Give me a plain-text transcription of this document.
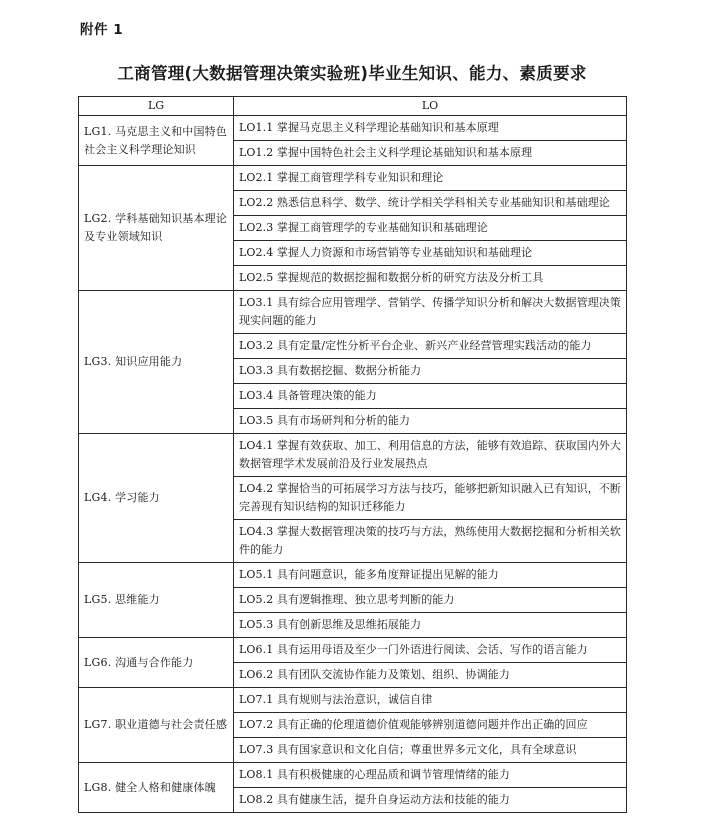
附件 1
工商管理(大数据管理决策实验班)毕业生知识、能力、素质要求
LG	LO
LG1. 马克思主义和中国特色社会主义科学理论知识	LO1.1 掌握马克思主义科学理论基础知识和基本原理
	LO1.2 掌握中国特色社会主义科学理论基础知识和基本原理
LG2. 学科基础知识基本理论及专业领域知识	LO2.1 掌握工商管理学科专业知识和理论
	LO2.2 熟悉信息科学、数学、统计学相关学科相关专业基础知识和基础理论
	LO2.3 掌握工商管理学的专业基础知识和基础理论
	LO2.4 掌握人力资源和市场营销等专业基础知识和基础理论
	LO2.5 掌握规范的数据挖掘和数据分析的研究方法及分析工具
LG3. 知识应用能力	LO3.1 具有综合应用管理学、营销学、传播学知识分析和解决大数据管理决策现实问题的能力
	LO3.2 具有定量/定性分析平台企业、新兴产业经营管理实践活动的能力
	LO3.3 具有数据挖掘、数据分析能力
	LO3.4 具备管理决策的能力
	LO3.5 具有市场研判和分析的能力
LG4. 学习能力	LO4.1 掌握有效获取、加工、利用信息的方法，能够有效追踪、获取国内外大数据管理学术发展前沿及行业发展热点
	LO4.2 掌握恰当的可拓展学习方法与技巧，能够把新知识融入已有知识，不断完善现有知识结构的知识迁移能力
	LO4.3 掌握大数据管理决策的技巧与方法，熟练使用大数据挖掘和分析相关软件的能力
LG5. 思维能力	LO5.1 具有问题意识，能多角度辩证提出见解的能力
	LO5.2 具有逻辑推理、独立思考判断的能力
	LO5.3 具有创新思维及思维拓展能力
LG6. 沟通与合作能力	LO6.1 具有运用母语及至少一门外语进行阅读、会话、写作的语言能力
	LO6.2 具有团队交流协作能力及策划、组织、协调能力
LG7. 职业道德与社会责任感	LO7.1 具有规则与法治意识，诚信自律
	LO7.2 具有正确的伦理道德价值观能够辨别道德问题并作出正确的回应
	LO7.3 具有国家意识和文化自信；尊重世界多元文化，具有全球意识
LG8. 健全人格和健康体魄	LO8.1 具有积极健康的心理品质和调节管理情绪的能力
	LO8.2 具有健康生活，提升自身运动方法和技能的能力
